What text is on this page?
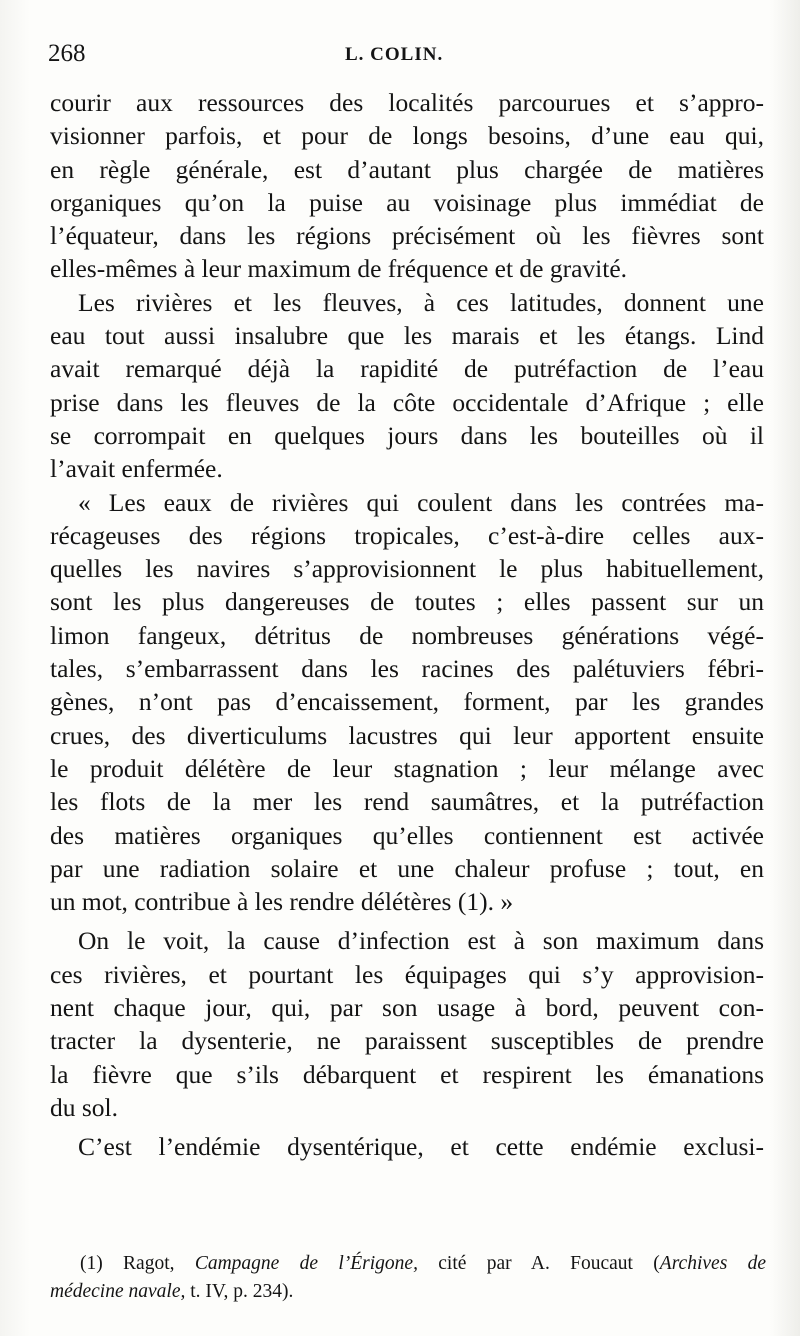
268	L. COLIN.
courir aux ressources des localités parcourues et s’appro-
visionner parfois, et pour de longs besoins, d’une eau qui,
en règle générale, est d’autant plus chargée de matières
organiques qu’on la puise au voisinage plus immédiat de
l’équateur, dans les régions précisément où les fièvres sont
elles-mêmes à leur maximum de fréquence et de gravité.
Les rivières et les fleuves, à ces latitudes, donnent une
eau tout aussi insalubre que les marais et les étangs. Lind
avait remarqué déjà la rapidité de putréfaction de l’eau
prise dans les fleuves de la côte occidentale d’Afrique ; elle
se corrompait en quelques jours dans les bouteilles où il
l’avait enfermée.
« Les eaux de rivières qui coulent dans les contrées ma-
récageuses des régions tropicales, c’est-à-dire celles aux-
quelles les navires s’approvisionnent le plus habituellement,
sont les plus dangereuses de toutes ; elles passent sur un
limon fangeux, détritus de nombreuses générations végé-
tales, s’embarrassent dans les racines des palétuviers fébri-
gènes, n’ont pas d’encaissement, forment, par les grandes
crues, des diverticulums lacustres qui leur apportent ensuite
le produit délétère de leur stagnation ; leur mélange avec
les flots de la mer les rend saumâtres, et la putréfaction
des matières organiques qu’elles contiennent est activée
par une radiation solaire et une chaleur profuse ; tout, en
un mot, contribue à les rendre délétères (1). »
On le voit, la cause d’infection est à son maximum dans
ces rivières, et pourtant les équipages qui s’y approvision-
nent chaque jour, qui, par son usage à bord, peuvent con-
tracter la dysenterie, ne paraissent susceptibles de prendre
la fièvre que s’ils débarquent et respirent les émanations
du sol.
C’est l’endémie dysentérique, et cette endémie exclusi-
(1) Ragot, Campagne de l’Érigone, cité par A. Foucaut (Archives de
médecine navale, t. IV, p. 234).
